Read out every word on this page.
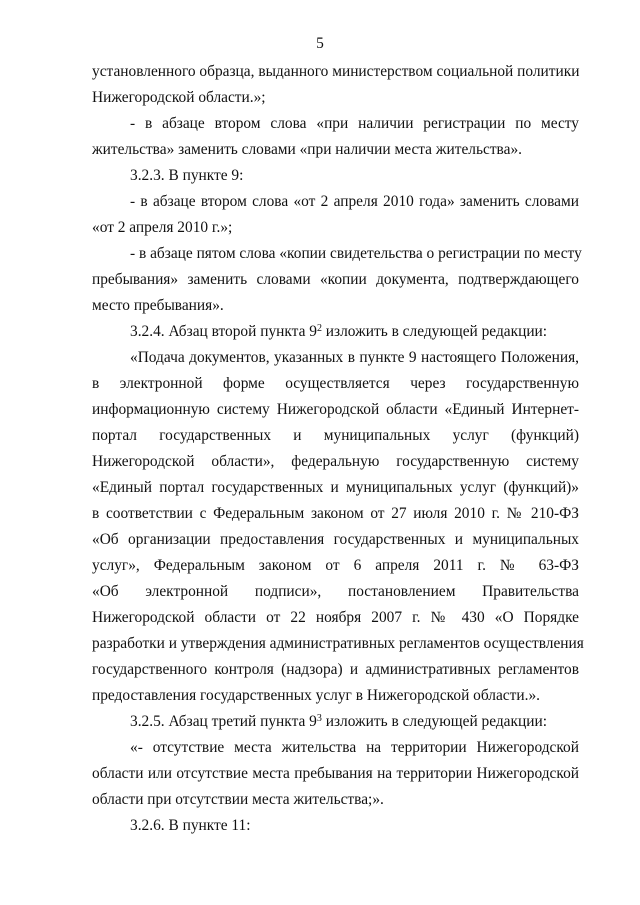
5
установленного образца, выданного министерством социальной политики
Нижегородской области.»;
- в абзаце втором слова «при наличии регистрации по месту
жительства» заменить словами «при наличии места жительства».
3.2.3. В пункте 9:
- в абзаце втором слова «от 2 апреля 2010 года» заменить словами
«от 2 апреля 2010 г.»;
- в абзаце пятом слова «копии свидетельства о регистрации по месту
пребывания» заменить словами «копии документа, подтверждающего
место пребывания».
3.2.4. Абзац второй пункта $9^2$ изложить в следующей редакции:
«Подача документов, указанных в пункте 9 настоящего Положения,
в электронной форме осуществляется через государственную
информационную систему Нижегородской области «Единый Интернет-
портал государственных и муниципальных услуг (функций)
Нижегородской области», федеральную государственную систему
«Единый портал государственных и муниципальных услуг (функций)»
в соответствии с Федеральным законом от 27 июля 2010 г. № 210-ФЗ
«Об организации предоставления государственных и муниципальных
услуг», Федеральным законом от 6 апреля 2011 г. № 63-ФЗ
«Об электронной подписи», постановлением Правительства
Нижегородской области от 22 ноября 2007 г. № 430 «О Порядке
разработки и утверждения административных регламентов осуществления
государственного контроля (надзора) и административных регламентов
предоставления государственных услуг в Нижегородской области.».
3.2.5. Абзац третий пункта $9^3$ изложить в следующей редакции:
«- отсутствие места жительства на территории Нижегородской
области или отсутствие места пребывания на территории Нижегородской
области при отсутствии места жительства;».
3.2.6. В пункте 11:
